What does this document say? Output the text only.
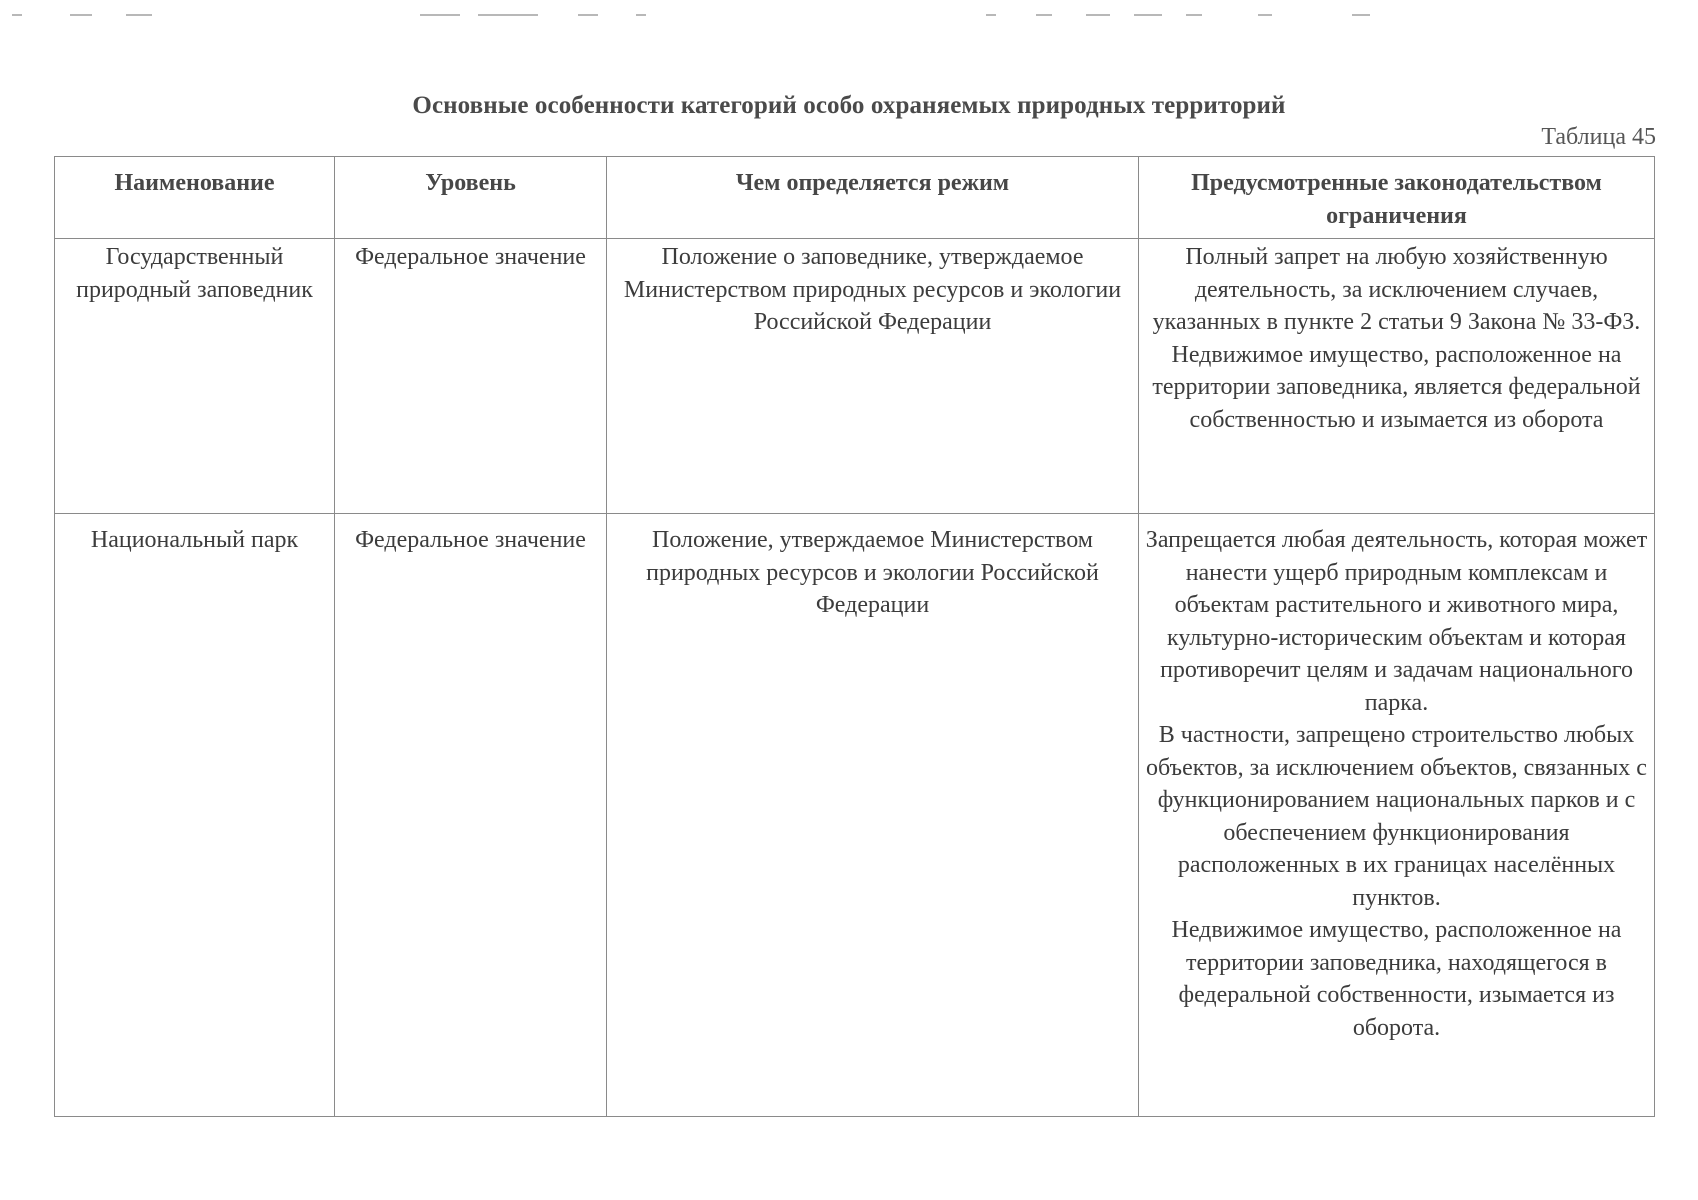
Основные особенности категорий особо охраняемых природных территорий
Таблица 45
Наименование	Уровень	Чем определяется режим	Предусмотренные законодательством ограничения
Государственный природный заповедник	Федеральное значение	Положение о заповеднике, утверждаемое Министерством природных ресурсов и экологии Российской Федерации	Полный запрет на любую хозяйственную деятельность, за исключением случаев, указанных в пункте 2 статьи 9 Закона № 33-ФЗ.
Недвижимое имущество, расположенное на территории заповедника, является федеральной собственностью и изымается из оборота

Национальный парк	Федеральное значение	Положение, утверждаемое Министерством природных ресурсов и экологии Российской Федерации	Запрещается любая деятельность, которая может нанести ущерб природным комплексам и объектам растительного и животного мира, культурно-историческим объектам и которая противоречит целям и задачам национального парка.
В частности, запрещено строительство любых объектов, за исключением объектов, связанных с функционированием национальных парков и с обеспечением функционирования расположенных в их границах населённых пунктов.
Недвижимое имущество, расположенное на территории заповедника, находящегося в федеральной собственности, изымается из оборота.
